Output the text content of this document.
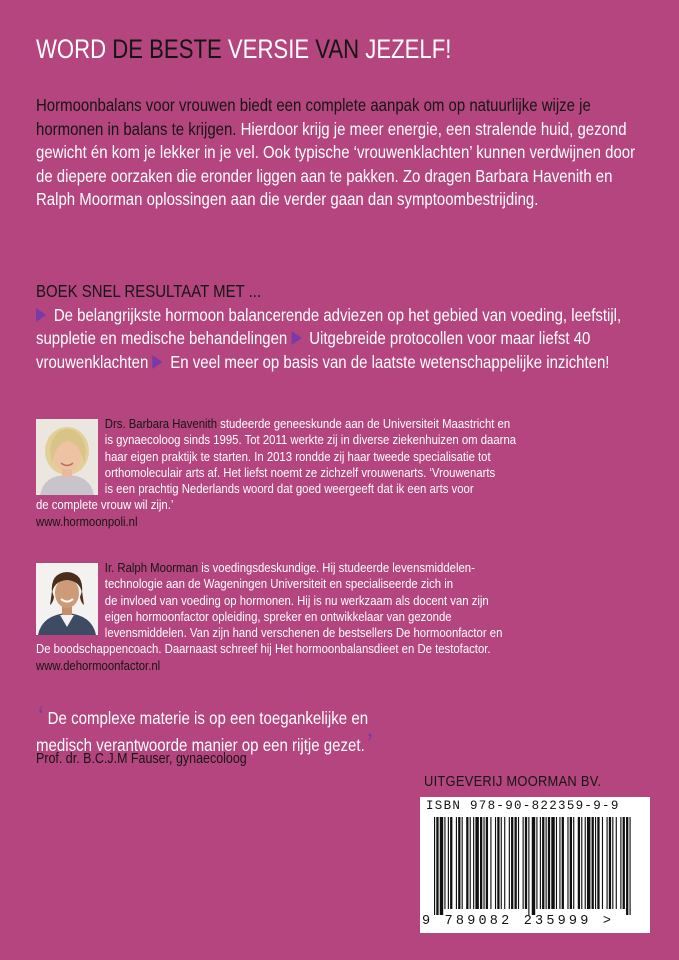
WORD DE BESTE VERSIE VAN JEZELF!

Hormoonbalans voor vrouwen biedt een complete aanpak om op natuurlijke wijze je hormonen in balans te krijgen. Hierdoor krijg je meer energie, een stralende huid, gezond gewicht én kom je lekker in je vel. Ook typische ‘vrouwenklachten’ kunnen verdwijnen door de diepere oorzaken die eronder liggen aan te pakken. Zo dragen Barbara Havenith en Ralph Moorman oplossingen aan die verder gaan dan symptoombestrijding.

BOEK SNEL RESULTAAT MET ...
De belangrijkste hormoon balancerende adviezen op het gebied van voeding, leefstijl, suppletie en medische behandelingen Uitgebreide protocollen voor maar liefst 40 vrouwenklachten En veel meer op basis van de laatste wetenschappelijke inzichten!
Drs. Barbara Havenith studeerde geneeskunde aan de Universiteit Maastricht en
is gynaecoloog sinds 1995. Tot 2011 werkte zij in diverse ziekenhuizen om daarna
haar eigen praktijk te starten. In 2013 rondde zij haar tweede specialisatie tot
orthomoleculair arts af. Het liefst noemt ze zichzelf vrouwenarts. ‘Vrouwenarts
is een prachtig Nederlands woord dat goed weergeeft dat ik een arts voor
de complete vrouw wil zijn.’
www.hormoonpoli.nl
Ir. Ralph Moorman is voedingsdeskundige. Hij studeerde levensmiddelen-
technologie aan de Wageningen Universiteit en specialiseerde zich in
de invloed van voeding op hormonen. Hij is nu werkzaam als docent van zijn
eigen hormoonfactor opleiding, spreker en ontwikkelaar van gezonde
levensmiddelen. Van zijn hand verschenen de bestsellers De hormoonfactor en
De boodschappencoach. Daarnaast schreef hij Het hormoonbalansdieet en De testofactor.
www.dehormoonfactor.nl
‘ De complexe materie is op een toegankelijke en
medisch verantwoorde manier op een rijtje gezet.’
Prof. dr. B.C.J.M Fauser, gynaecoloog
UITGEVERIJ MOORMAN BV.
ISBN 978-90-822359-9-9
9 789082 235999 >
